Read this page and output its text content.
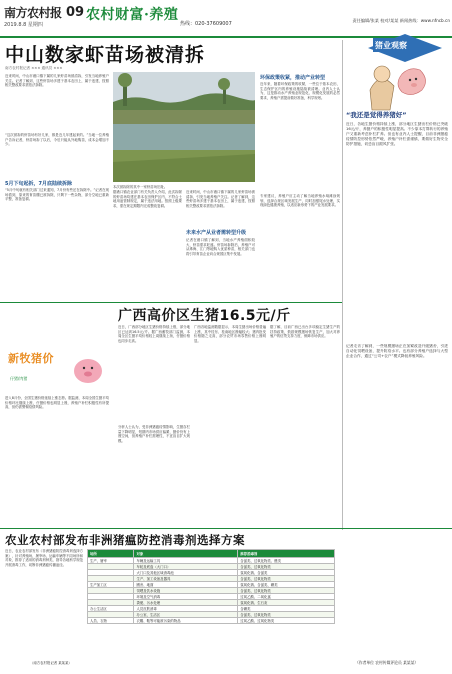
南方农村报
2019.8.8 星期四
09 农村财富·养殖
热线：020-37609007
责任编辑/张某 校对/某某 新闻热线：www.nfncb.cn
中山数家虾苗场被清拆
南方农村报记者 ××× 通讯员 ×××
近来时间，中山市港口镇下属的几家虾苗场被清拆，引发当地养殖户关注。记者了解到，这些虾苗场多建于基本农田上，属于违建，按照相关整改要求需依法拆除。
“这次被拆的虾苗场有好几家，都是近几年建起来的。”当地一位养殖户告诉记者，虾苗场拆了以后，今后只能从外地购苗，成本会增加不少。
5月下旬起拆，7月底陆续拆除
“5月中旬就有相关部门过来通知，7月份有些还在拆除中。”记者在现场看到，原来的育苗棚已被拆除，只剩下一些杂物，部分空地已重新平整，准备复耕。
本次被拆除的其中一家虾苗场旧址。
据港口镇农业部门有关负责人介绍，此次拆除的虾苗场均建在基本农田保护区内，不符合土地用途管制规定，属于违法用地。按照上级要求，需在规定期限内完成整改复耕。
未来水产从业者需转型升级
近来时间，中山市港口镇下属的几家虾苗场被清拆，引发当地养殖户关注。记者了解到，这些虾苗场多建于基本农田上，属于违建，按照相关整改要求需依法拆除。
记者在港口镇了解到，当地水产养殖面积较大，虾苗需求旺盛。虾苗场拆除后，养殖户可从珠海、江门等地购入优质种苗，相关部门也将引导育苗企业向合规园区集中发展。
环保政策收紧，推动产业转型
近年来，随着环保政策的收紧，一些位于基本农田、生态保护区内的养殖设施陆续被清理。业内人士认为，这是推动水产养殖业规范化、规模化发展的必然要求，养殖户需提前做好准备，科学规划。
专家建议，养殖户应主动了解当地养殖水域滩涂规划，选择合规区域发展生产，同时加强尾水处理，实现绿色健康养殖，以适应新形势下的产业发展要求。
猪业观察
“我还是觉得养猪好”
近日，各地生猪价格持续上涨，部分地区生猪出栏价格已突破16元/斤，养猪户的积极性明显提高。不少原本打算转行的养殖户又重新考虑补栏扩养。但也有业内人士提醒，目前非洲猪瘟疫情防控形势依然严峻，养殖户补栏需谨慎，要做好生物安全防护措施，切忌盲目跟风扩张。
记者走访了解到，一些规模猪场正在加紧改造升级猪舍，引进自动化饲喂设备，提升防疫水平。也有部分养殖户选择与大型企业合作，通过“公司+农户”模式降低养殖风险。
（作者单位 农村传媒评论员 某某某）
广西高价区生猪16.5元/斤
近日，广西部分地区生猪价格持续上涨，部分地区已达到16.5元/斤。据广西畜牧部门监测，本周全区生猪平均价格较上周继续上扬，仔猪价格也同步走高。
分析人士认为，受非洲猪瘟疫情影响，生猪存栏量下降明显，短期内市场供应偏紧，猪价仍有上涨空间，但养殖户补栏需理性，不宜盲目扩大规模。
广西各地监测数据显示，本周生猪出场价格普遍上涨，其中桂东、桂南地区涨幅较大；猪肉批发价格随之走高，部分农贸市场零售价格上涨明显。
据了解，目前广西已出台多项稳定生猪生产的扶持政策，鼓励规模猪场恢复生产，加大对养殖户的信贷支持力度，保障市场供应。
新牧猪价
仔猪/肉猪
进入8月份，全国生猪价格延续上涨态势。据监测，本周全国生猪平均价格环比继续上涨，仔猪价格也明显上涨，养殖户补栏积极性有所提高，但仍需警惕疫情风险。
农业农村部发布非洲猪瘟防控消毒剂选择方案
近日，农业农村部发布《非洲猪瘟防控消毒剂选择方案》，针对养殖场、屠宰场、运输车辆等不同场所和对象，推荐了适用的消毒剂种类，指导各地科学规范开展消毒工作，切断非洲猪瘟传播途径。
（南方农村报记者 某某某）
场所	对象	推荐消毒剂
生产、屠宰	车辆及运输工具	含氯类、过氧化物类、醛类
	车轮及底盘（大门口）	含氯类、过氧化物类
	大门口及其他区域消毒池	氢氧化钠、含氯类
	生产、加工设备及器具	含氯类、过氧化物类
生产加工区	圈舍、地面	氢氧化钠、含氯类、碘类
	饲喂及饮水设施	含氯类、过氧化物类
	环境及空气消毒	过氧乙酸、二氧化氯
	粪便、污水处理	氢氧化钠、生石灰
办公生活区	人员皮肤消毒	含碘类
	办公室、生活区	含氯类、过氧化物类
人员、衣物	衣帽、鞋等可能被污染的物品	过氧乙酸、过氧化物类
